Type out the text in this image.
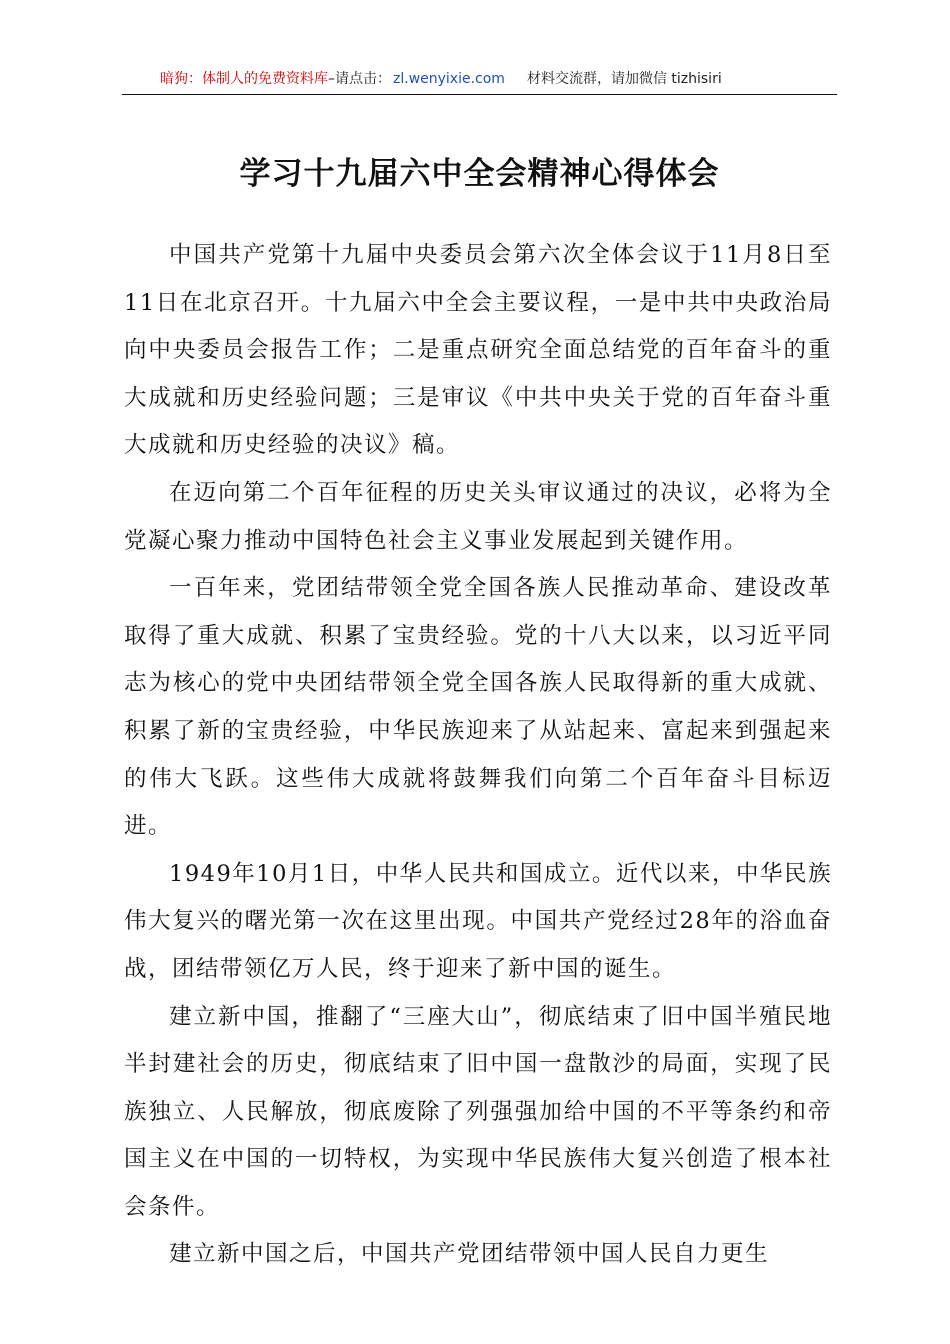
暗狗：体制人的免费资料库–请点击： zl.wenyixie.com 材料交流群，请加微信 tizhisiri
学习十九届六中全会精神心得体会

中国共产党第十九届中央委员会第六次全体会议于11月8日至11日在北京召开。十九届六中全会主要议程，一是中共中央政治局向中央委员会报告工作；二是重点研究全面总结党的百年奋斗的重大成就和历史经验问题；三是审议《中共中央关于党的百年奋斗重大成就和历史经验的决议》稿。

在迈向第二个百年征程的历史关头审议通过的决议，必将为全党凝心聚力推动中国特色社会主义事业发展起到关键作用。

一百年来，党团结带领全党全国各族人民推动革命、建设改革取得了重大成就、积累了宝贵经验。党的十八大以来，以习近平同志为核心的党中央团结带领全党全国各族人民取得新的重大成就、积累了新的宝贵经验，中华民族迎来了从站起来、富起来到强起来的伟大飞跃。这些伟大成就将鼓舞我们向第二个百年奋斗目标迈进。

1949年10月1日，中华人民共和国成立。近代以来，中华民族伟大复兴的曙光第一次在这里出现。中国共产党经过28年的浴血奋战，团结带领亿万人民，终于迎来了新中国的诞生。

建立新中国，推翻了“三座大山”，彻底结束了旧中国半殖民地半封建社会的历史，彻底结束了旧中国一盘散沙的局面，实现了民族独立、人民解放，彻底废除了列强强加给中国的不平等条约和帝国主义在中国的一切特权，为实现中华民族伟大复兴创造了根本社会条件。

建立新中国之后，中国共产党团结带领中国人民自力更生
